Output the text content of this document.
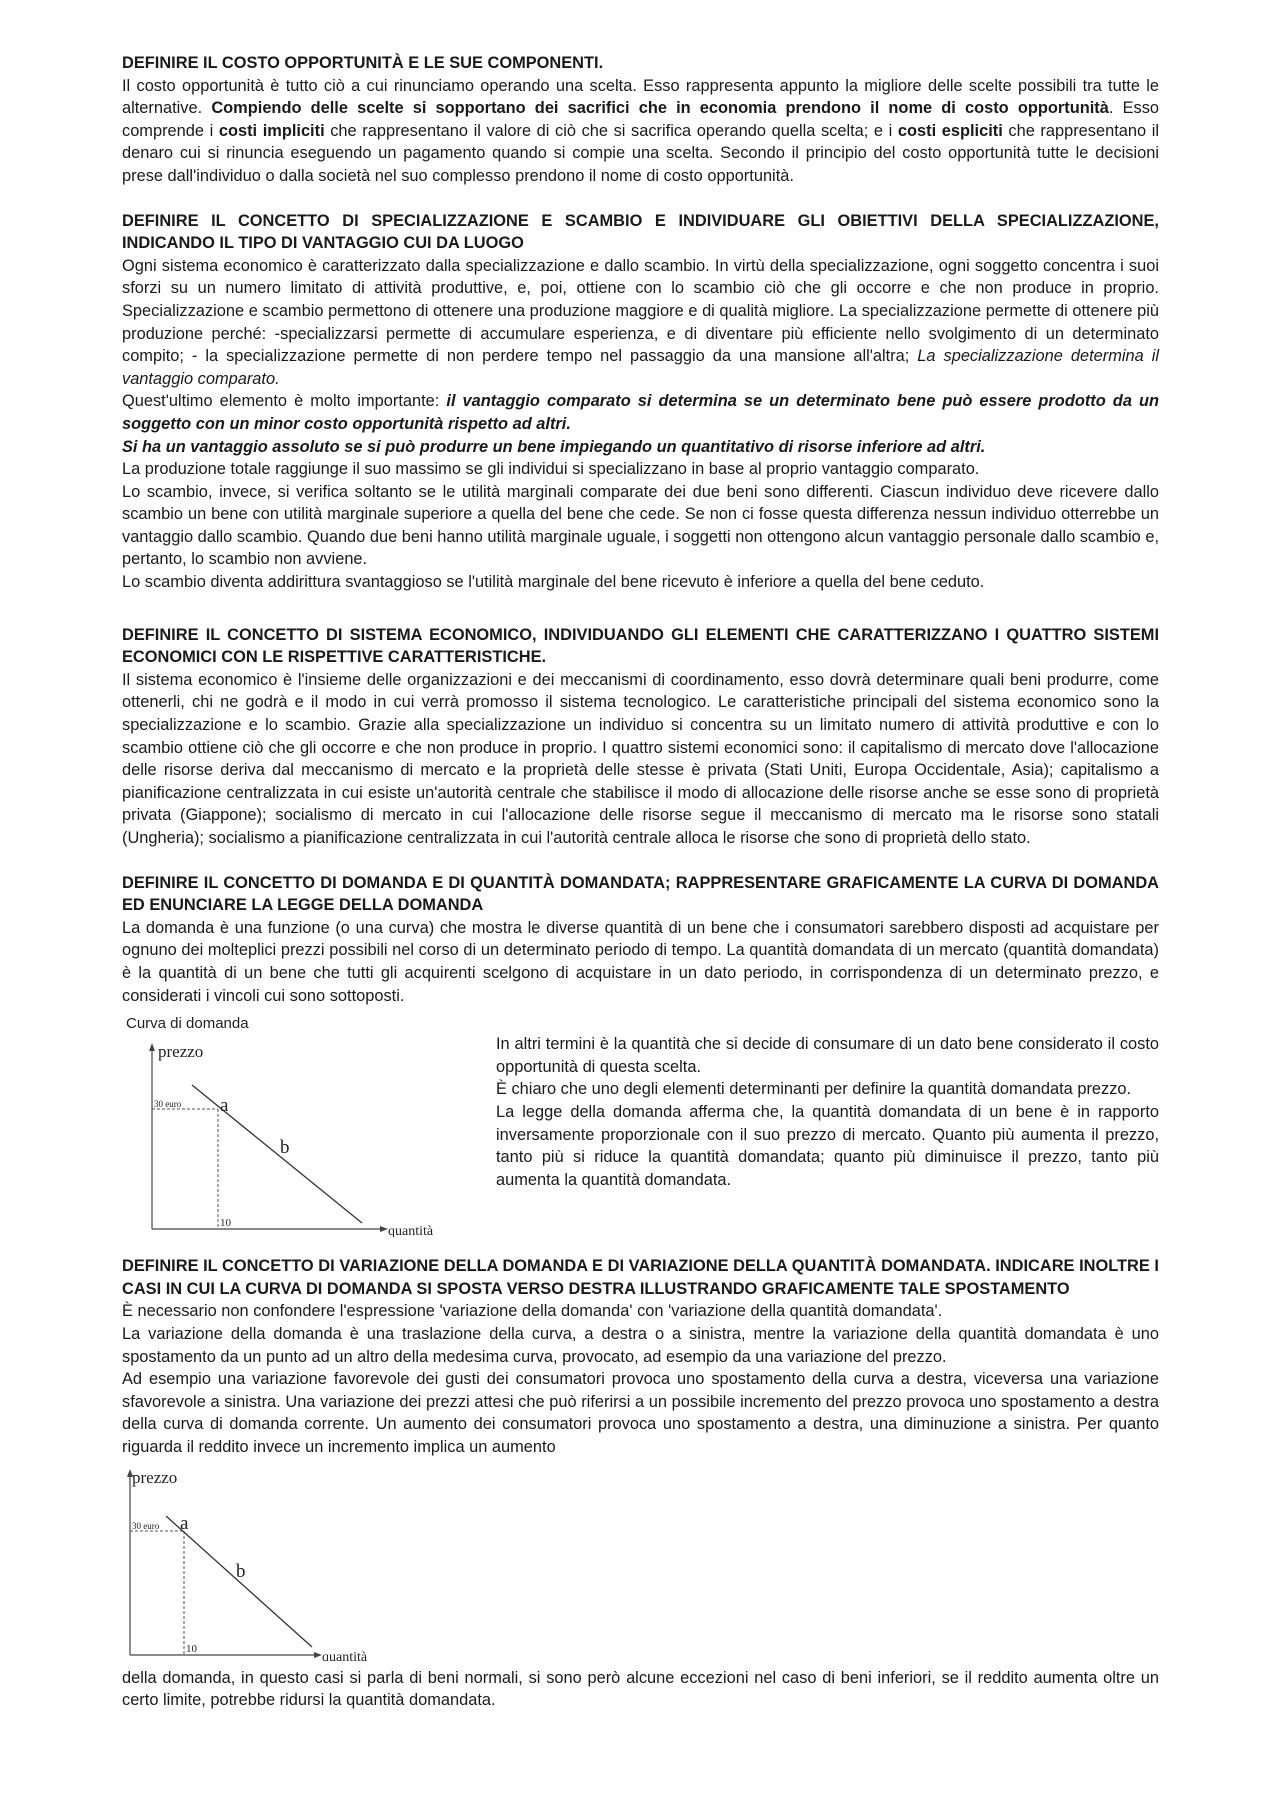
DEFINIRE IL COSTO OPPORTUNITÀ E LE SUE COMPONENTI.

Il costo opportunità è tutto ciò a cui rinunciamo operando una scelta. Esso rappresenta appunto la migliore delle scelte possibili tra tutte le alternative. Compiendo delle scelte si sopportano dei sacrifici che in economia prendono il nome di costo opportunità. Esso comprende i costi impliciti che rappresentano il valore di ciò che si sacrifica operando quella scelta; e i costi espliciti che rappresentano il denaro cui si rinuncia eseguendo un pagamento quando si compie una scelta. Secondo il principio del costo opportunità tutte le decisioni prese dall'individuo o dalla società nel suo complesso prendono il nome di costo opportunità.

DEFINIRE IL CONCETTO DI SPECIALIZZAZIONE E SCAMBIO E INDIVIDUARE GLI OBIETTIVI DELLA SPECIALIZZAZIONE, INDICANDO IL TIPO DI VANTAGGIO CUI DA LUOGO

Ogni sistema economico è caratterizzato dalla specializzazione e dallo scambio. In virtù della specializzazione, ogni soggetto concentra i suoi sforzi su un numero limitato di attività produttive, e, poi, ottiene con lo scambio ciò che gli occorre e che non produce in proprio. Specializzazione e scambio permettono di ottenere una produzione maggiore e di qualità migliore. La specializzazione permette di ottenere più produzione perché: -specializzarsi permette di accumulare esperienza, e di diventare più efficiente nello svolgimento di un determinato compito; - la specializzazione permette di non perdere tempo nel passaggio da una mansione all'altra; La specializzazione determina il vantaggio comparato.

Quest'ultimo elemento è molto importante: il vantaggio comparato si determina se un determinato bene può essere prodotto da un soggetto con un minor costo opportunità rispetto ad altri.

Si ha un vantaggio assoluto se si può produrre un bene impiegando un quantitativo di risorse inferiore ad altri.

La produzione totale raggiunge il suo massimo se gli individui si specializzano in base al proprio vantaggio comparato.

Lo scambio, invece, si verifica soltanto se le utilità marginali comparate dei due beni sono differenti. Ciascun individuo deve ricevere dallo scambio un bene con utilità marginale superiore a quella del bene che cede. Se non ci fosse questa differenza nessun individuo otterrebbe un vantaggio dallo scambio. Quando due beni hanno utilità marginale uguale, i soggetti non ottengono alcun vantaggio personale dallo scambio e, pertanto, lo scambio non avviene.

Lo scambio diventa addirittura svantaggioso se l'utilità marginale del bene ricevuto è inferiore a quella del bene ceduto.

DEFINIRE IL CONCETTO DI SISTEMA ECONOMICO, INDIVIDUANDO GLI ELEMENTI CHE CARATTERIZZANO I QUATTRO SISTEMI ECONOMICI CON LE RISPETTIVE CARATTERISTICHE.

Il sistema economico è l'insieme delle organizzazioni e dei meccanismi di coordinamento, esso dovrà determinare quali beni produrre, come ottenerli, chi ne godrà e il modo in cui verrà promosso il sistema tecnologico. Le caratteristiche principali del sistema economico sono la specializzazione e lo scambio. Grazie alla specializzazione un individuo si concentra su un limitato numero di attività produttive e con lo scambio ottiene ciò che gli occorre e che non produce in proprio. I quattro sistemi economici sono: il capitalismo di mercato dove l'allocazione delle risorse deriva dal meccanismo di mercato e la proprietà delle stesse è privata (Stati Uniti, Europa Occidentale, Asia); capitalismo a pianificazione centralizzata in cui esiste un'autorità centrale che stabilisce il modo di allocazione delle risorse anche se esse sono di proprietà privata (Giappone); socialismo di mercato in cui l'allocazione delle risorse segue il meccanismo di mercato ma le risorse sono statali (Ungheria); socialismo a pianificazione centralizzata in cui l'autorità centrale alloca le risorse che sono di proprietà dello stato.

DEFINIRE IL CONCETTO DI DOMANDA E DI QUANTITÀ DOMANDATA; RAPPRESENTARE GRAFICAMENTE LA CURVA DI DOMANDA ED ENUNCIARE LA LEGGE DELLA DOMANDA

La domanda è una funzione (o una curva) che mostra le diverse quantità di un bene che i consumatori sarebbero disposti ad acquistare per ognuno dei molteplici prezzi possibili nel corso di un determinato periodo di tempo. La quantità domandata di un mercato (quantità domandata) è la quantità di un bene che tutti gli acquirenti scelgono di acquistare in un dato periodo, in corrispondenza di un determinato prezzo, e considerati i vincoli cui sono sottoposti.

Curva di domanda
prezzo
quantità
30 euro
10
a
b

In altri termini è la quantità che si decide di consumare di un dato bene considerato il costo opportunità di questa scelta.

È chiaro che uno degli elementi determinanti per definire la quantità domandata prezzo.

La legge della domanda afferma che, la quantità domandata di un bene è in rapporto inversamente proporzionale con il suo prezzo di mercato. Quanto più aumenta il prezzo, tanto più si riduce la quantità domandata; quanto più diminuisce il prezzo, tanto più aumenta la quantità domandata.

DEFINIRE IL CONCETTO DI VARIAZIONE DELLA DOMANDA E DI VARIAZIONE DELLA QUANTITÀ DOMANDATA. INDICARE INOLTRE I CASI IN CUI LA CURVA DI DOMANDA SI SPOSTA VERSO DESTRA ILLUSTRANDO GRAFICAMENTE TALE SPOSTAMENTO

È necessario non confondere l'espressione 'variazione della domanda' con 'variazione della quantità domandata'.

La variazione della domanda è una traslazione della curva, a destra o a sinistra, mentre la variazione della quantità domandata è uno spostamento da un punto ad un altro della medesima curva, provocato, ad esempio da una variazione del prezzo.

Ad esempio una variazione favorevole dei gusti dei consumatori provoca uno spostamento della curva a destra, viceversa una variazione sfavorevole a sinistra. Una variazione dei prezzi attesi che può riferirsi a un possibile incremento del prezzo provoca uno spostamento a destra della curva di domanda corrente. Un aumento dei consumatori provoca uno spostamento a destra, una diminuzione a sinistra. Per quanto riguarda il reddito invece un incremento implica un aumento

prezzo
quantità
30 euro
10
a
b

della domanda, in questo casi si parla di beni normali, si sono però alcune eccezioni nel caso di beni inferiori, se il reddito aumenta oltre un certo limite, potrebbe ridursi la quantità domandata.
